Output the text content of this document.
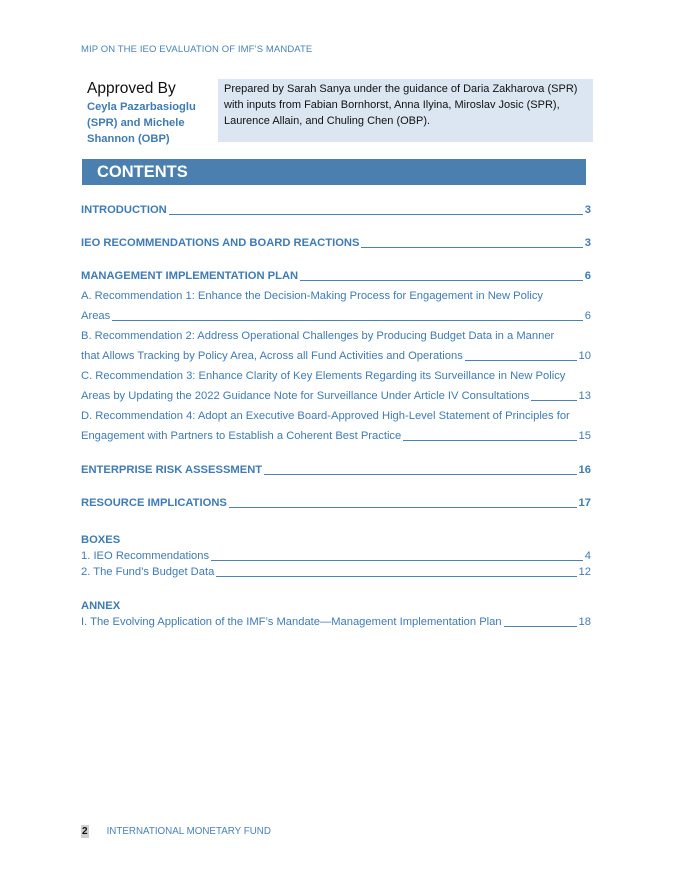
MIP ON THE IEO EVALUATION OF IMF’S MANDATE
Approved By
Ceyla Pazarbasioglu
(SPR) and Michele
Shannon (OBP)
Prepared by Sarah Sanya under the guidance of Daria Zakharova (SPR)
with inputs from Fabian Bornhorst, Anna Ilyina, Miroslav Josic (SPR),
Laurence Allain, and Chuling Chen (OBP).
CONTENTS
INTRODUCTION	3
IEO RECOMMENDATIONS AND BOARD REACTIONS	3
MANAGEMENT IMPLEMENTATION PLAN	6
A. Recommendation 1: Enhance the Decision-Making Process for Engagement in New Policy
Areas	6
B. Recommendation 2: Address Operational Challenges by Producing Budget Data in a Manner
that Allows Tracking by Policy Area, Across all Fund Activities and Operations	10
C. Recommendation 3: Enhance Clarity of Key Elements Regarding its Surveillance in New Policy
Areas by Updating the 2022 Guidance Note for Surveillance Under Article IV Consultations	13
D. Recommendation 4: Adopt an Executive Board-Approved High-Level Statement of Principles for
Engagement with Partners to Establish a Coherent Best Practice	15
ENTERPRISE RISK ASSESSMENT	16
RESOURCE IMPLICATIONS	17
BOXES
1. IEO Recommendations	4
2. The Fund’s Budget Data	12
ANNEX
I. The Evolving Application of the IMF’s Mandate—Management Implementation Plan	18
2 INTERNATIONAL MONETARY FUND
